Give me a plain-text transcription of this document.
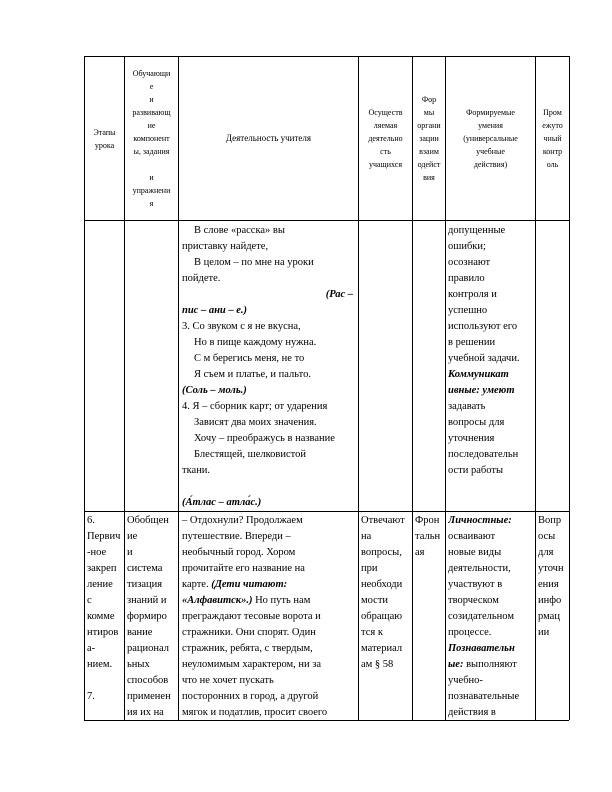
Этапы
урока
Обучающи
е
и
развивающ
ие
компонент
ы, задания

и
упражнени
я
Деятельность учителя
Осуществ
ляемая
деятельно
сть
учащихся
Фор
мы
органи
зации
взаим
одейст
вия
Формируемые
умения
(универсальные
учебные
действия)
Пром
ежуто
чный
контр
оль
В слове «расска» вы
приставку найдете,
В целом – по мне на уроки
пойдете.
(Рас –
пис – ани – е.)
3. Со звуком с я не вкусна,
Но в пище каждому нужна.
С м берегись меня, не то
Я съем и платье, и пальто.
(Соль – моль.)
4. Я – сборник карт; от ударения
Зависят два моих значения.
Хочу – преображусь в название
Блестящей, шелковистой
ткани.

(А́тлас – атла́с.)
допущенные
ошибки;
осознают
правило
контроля и
успешно
используют его
в решении
учебной задачи.
Коммуникат
ивные: умеют
задавать
вопросы для
уточнения
последовательн
ости работы
6.
Первич
-ное
закреп
ление
с
комме
нтиров
а-
нием.

7.
Обобщен
ие
и
система
тизация
знаний и
формиро
вание
рационал
ьных
способов
применен
ия их на
– Отдохнули? Продолжаем
путешествие. Впереди –
необычный город. Хором
прочитайте его название на
карте. (Дети читают:
«Алфавитск».) Но путь нам
преграждают тесовые ворота и
стражники. Они спорят. Один
стражник, ребята, с твердым,
неуломимым характером, ни за
что не хочет пускать
посторонних в город, а другой
мягок и податлив, просит своего
Отвечают
на
вопросы,
при
необходи
мости
обращаю
тся к
материал
ам § 58
Фрон
тальн
ая
Личностные:
осваивают
новые виды
деятельности,
участвуют в
творческом
созидательном
процессе.
Познавательн
ые: выполняют
учебно-
познавательные
действия в
Вопр
осы
для
уточн
ения
инфо
рмац
ии
